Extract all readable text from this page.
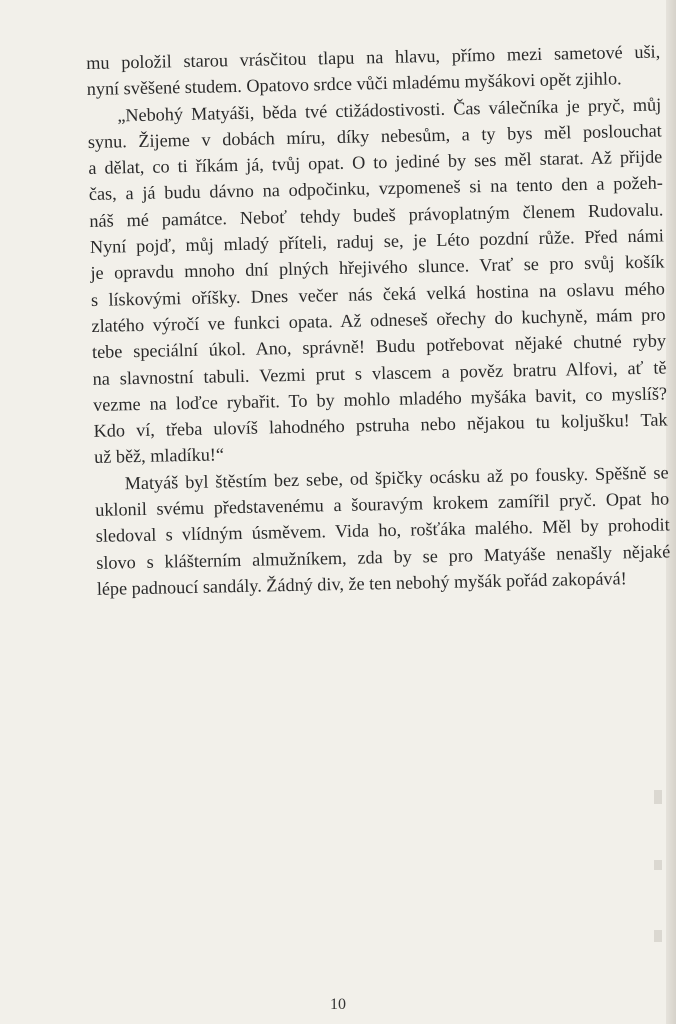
mu položil starou vrásčitou tlapu na hlavu, přímo mezi sametové uši,
nyní svěšené studem. Opatovo srdce vůči mladému myšákovi opět zjihlo.
„Nebohý Matyáši, běda tvé ctižádostivosti. Čas válečníka je pryč, můj
synu. Žijeme v dobách míru, díky nebesům, a ty bys měl poslouchat
a dělat, co ti říkám já, tvůj opat. O to jediné by ses měl starat. Až přijde
čas, a já budu dávno na odpočinku, vzpomeneš si na tento den a požeh-
náš mé památce. Neboť tehdy budeš právoplatným členem Rudovalu.
Nyní pojď, můj mladý příteli, raduj se, je Léto pozdní růže. Před námi
je opravdu mnoho dní plných hřejivého slunce. Vrať se pro svůj košík
s lískovými oříšky. Dnes večer nás čeká velká hostina na oslavu mého
zlatého výročí ve funkci opata. Až odneseš ořechy do kuchyně, mám pro
tebe speciální úkol. Ano, správně! Budu potřebovat nějaké chutné ryby
na slavnostní tabuli. Vezmi prut s vlascem a pověz bratru Alfovi, ať tě
vezme na loďce rybařit. To by mohlo mladého myšáka bavit, co myslíš?
Kdo ví, třeba ulovíš lahodného pstruha nebo nějakou tu koljušku! Tak
už běž, mladíku!“
Matyáš byl štěstím bez sebe, od špičky ocásku až po fousky. Spěšně se
uklonil svému představenému a šouravým krokem zamířil pryč. Opat ho
sledoval s vlídným úsměvem. Vida ho, rošťáka malého. Měl by prohodit
slovo s klášterním almužníkem, zda by se pro Matyáše nenašly nějaké
lépe padnoucí sandály. Žádný div, že ten nebohý myšák pořád zakopává!
10
